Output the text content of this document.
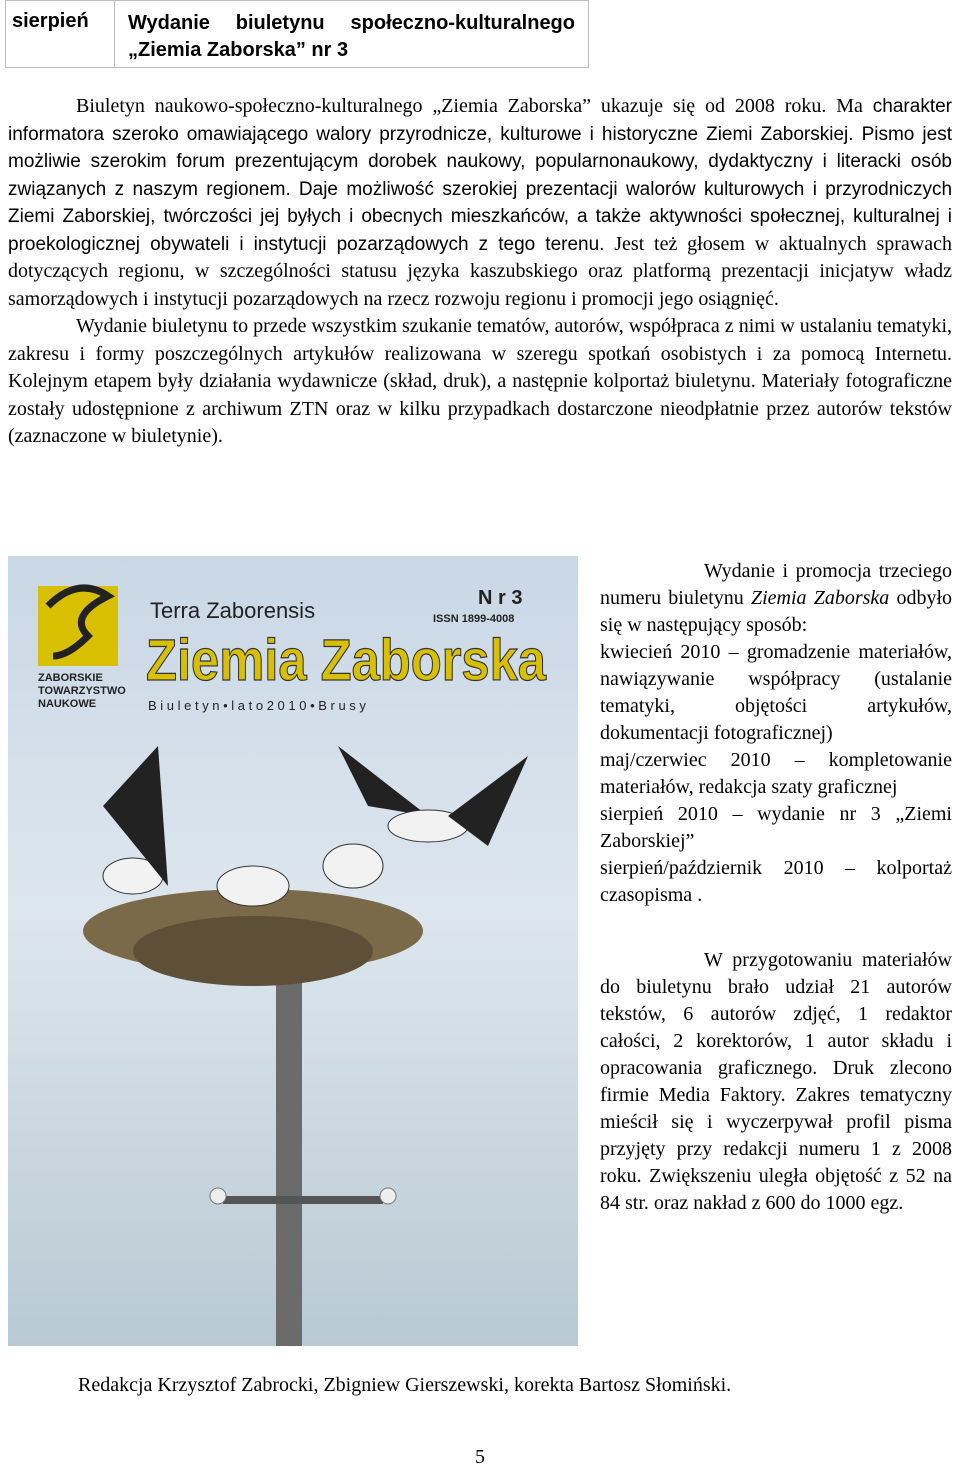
sierpień	Wydanie biuletynu społeczno-kulturalnego
„Ziemia Zaborska” nr 3

Biuletyn naukowo-społeczno-kulturalnego „Ziemia Zaborska” ukazuje się od 2008 roku. Ma charakter informatora szeroko omawiającego walory przyrodnicze, kulturowe i historyczne Ziemi Zaborskiej. Pismo jest możliwie szerokim forum prezentującym dorobek naukowy, popularnonaukowy, dydaktyczny i literacki osób związanych z naszym regionem. Daje możliwość szerokiej prezentacji walorów kulturowych i przyrodniczych Ziemi Zaborskiej, twórczości jej byłych i obecnych mieszkańców, a także aktywności społecznej, kulturalnej i proekologicznej obywateli i instytucji pozarządowych z tego terenu. Jest też głosem w aktualnych sprawach dotyczących regionu, w szczególności statusu języka kaszubskiego oraz platformą prezentacji inicjatyw władz samorządowych i instytucji pozarządowych na rzecz rozwoju regionu i promocji jego osiągnięć.

Wydanie biuletynu to przede wszystkim szukanie tematów, autorów, współpraca z nimi w ustalaniu tematyki, zakresu i formy poszczególnych artykułów realizowana w szeregu spotkań osobistych i za pomocą Internetu. Kolejnym etapem były działania wydawnicze (skład, druk), a następnie kolportaż biuletynu. Materiały fotograficzne zostały udostępnione z archiwum ZTN oraz w kilku przypadkach dostarczone nieodpłatnie przez autorów tekstów (zaznaczone w biuletynie).

ZABORSKIE
TOWARZYSTWO
NAUKOWE
Terra Zaborensis	N r 3
ISSN 1899-4008
Ziemia Zaborska
B i u l e t y n • l a t o 2 0 1 0 • B r u s y

Wydanie i promocja trzeciego numeru biuletynu Ziemia Zaborska odbyło się w następujący sposób:

kwiecień 2010 – gromadzenie materiałów, nawiązywanie współpracy (ustalanie tematyki, objętości artykułów, dokumentacji fotograficznej)

maj/czerwiec 2010 – kompletowanie materiałów, redakcja szaty graficznej

sierpień 2010 – wydanie nr 3 „Ziemi Zaborskiej”

sierpień/październik 2010 – kolportaż czasopisma .

W przygotowaniu materiałów do biuletynu brało udział 21 autorów tekstów, 6 autorów zdjęć, 1 redaktor całości, 2 korektorów, 1 autor składu i opracowania graficznego. Druk zlecono firmie Media Faktory. Zakres tematyczny mieścił się i wyczerpywał profil pisma przyjęty przy redakcji numeru 1 z 2008 roku. Zwiększeniu uległa objętość z 52 na 84 str. oraz nakład z 600 do 1000 egz.

Redakcja Krzysztof Zabrocki, Zbigniew Gierszewski, korekta Bartosz Słomiński.
5
